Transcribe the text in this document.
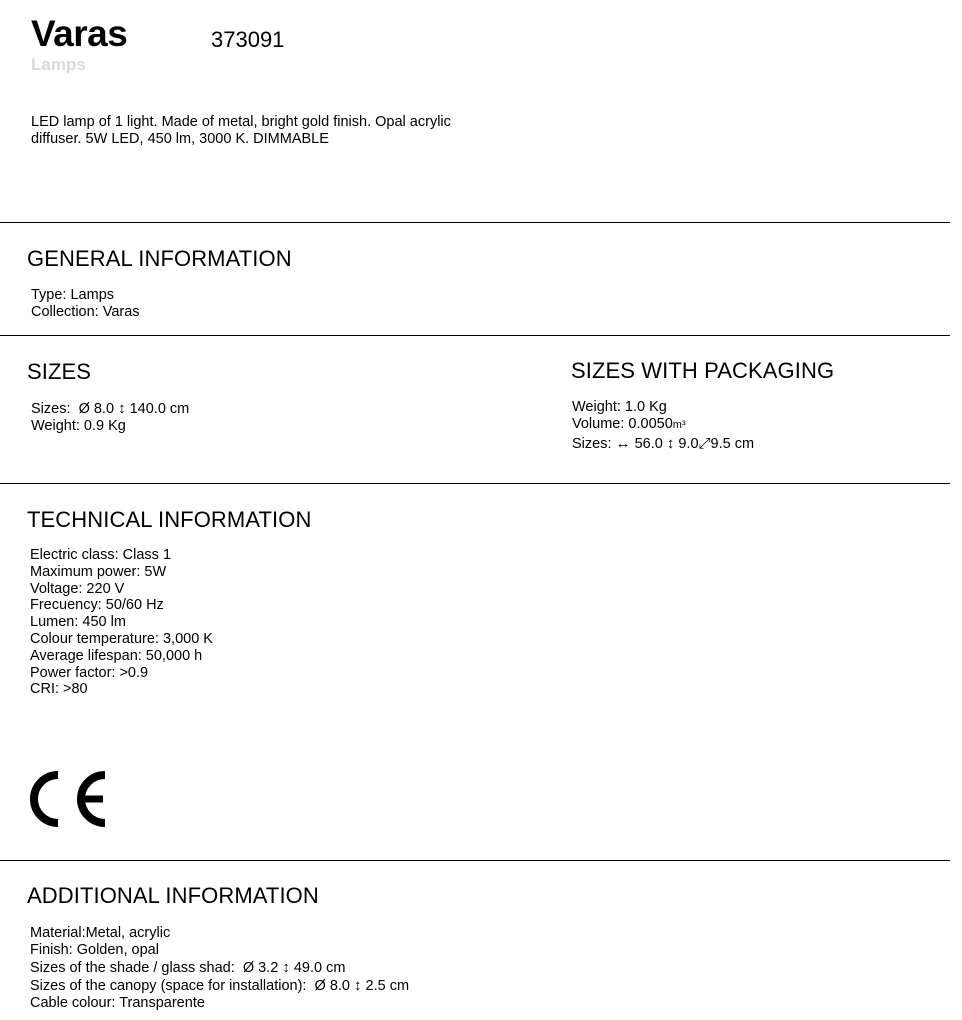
Varas	373091
Lamps
LED lamp of 1 light. Made of metal, bright gold finish. Opal acrylic diffuser. 5W LED, 450 lm, 3000 K. DIMMABLE
GENERAL INFORMATION
Type: Lamps
Collection: Varas
SIZES
Sizes: Ø 8.0 ↕ 140.0 cm
Weight: 0.9 Kg
SIZES WITH PACKAGING
Weight: 1.0 Kg
Volume: 0.0050m³
Sizes: ↔ 56.0 ↕ 9.0⤢9.5 cm
TECHNICAL INFORMATION
Electric class: Class 1
Maximum power: 5W
Voltage: 220 V
Frecuency: 50/60 Hz
Lumen: 450 lm
Colour temperature: 3,000 K
Average lifespan: 50,000 h
Power factor: >0.9
CRI: >80
ADDITIONAL INFORMATION
Material:Metal, acrylic
Finish: Golden, opal
Sizes of the shade / glass shad: Ø 3.2 ↕ 49.0 cm
Sizes of the canopy (space for installation): Ø 8.0 ↕ 2.5 cm
Cable colour: Transparente
